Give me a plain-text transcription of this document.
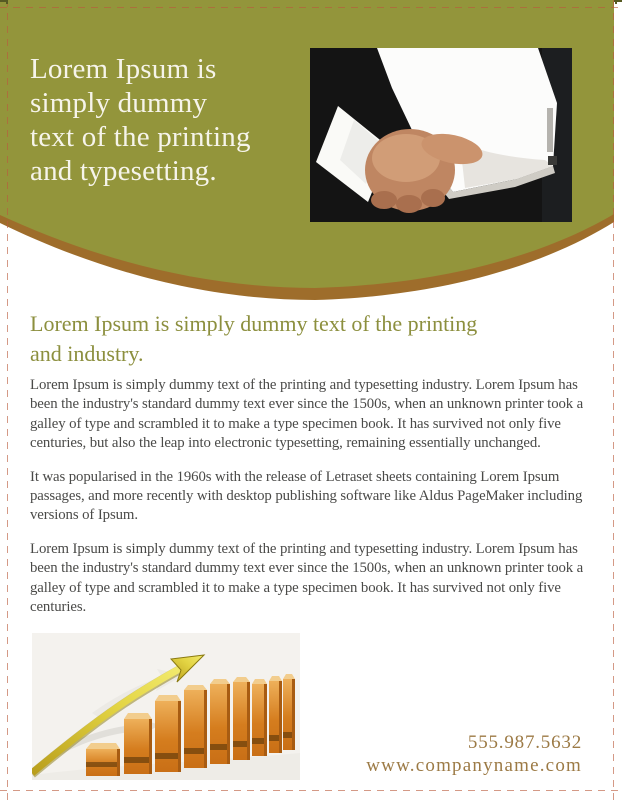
Lorem Ipsum is
simply dummy
text of the printing
and typesetting.
Lorem Ipsum is simply dummy text of the printing
and industry.

Lorem Ipsum is simply dummy text of the printing and typesetting industry. Lorem Ipsum has been the industry's standard dummy text ever since the 1500s, when an unknown printer took a galley of type and scrambled it to make a type specimen book. It has survived not only five centuries, but also the leap into electronic typesetting, remaining essentially unchanged.

It was popularised in the 1960s with the release of Letraset sheets containing Lorem Ipsum passages, and more recently with desktop publishing software like Aldus PageMaker including versions of Ipsum.

Lorem Ipsum is simply dummy text of the printing and typesetting industry. Lorem Ipsum has been the industry's standard dummy text ever since the 1500s, when an unknown printer took a galley of type and scrambled it to make a type specimen book. It has survived not only five centuries.

555.987.5632
www.companyname.com
